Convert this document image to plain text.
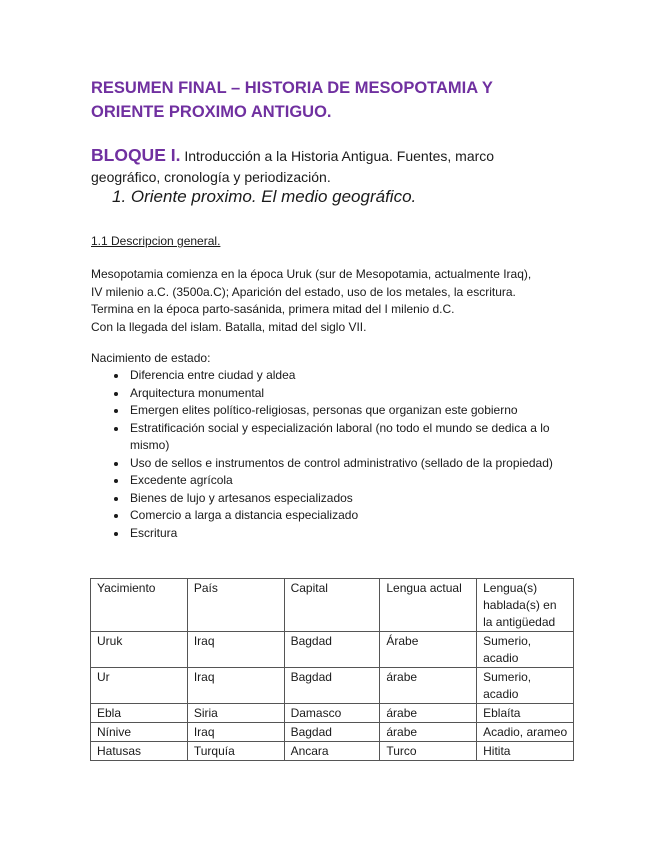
RESUMEN FINAL – HISTORIA DE MESOPOTAMIA Y
ORIENTE PROXIMO ANTIGUO.
BLOQUE I. Introducción a la Historia Antigua. Fuentes, marco
geográfico, cronología y periodización.
1. Oriente proximo. El medio geográfico.
1.1 Descripcion general.
Mesopotamia comienza en la época Uruk (sur de Mesopotamia, actualmente Iraq),
IV milenio a.C. (3500a.C); Aparición del estado, uso de los metales, la escritura.
Termina en la época parto-sasánida, primera mitad del I milenio d.C.
Con la llegada del islam. Batalla, mitad del siglo VII.
Nacimiento de estado:
Diferencia entre ciudad y aldea
Arquitectura monumental
Emergen elites político-religiosas, personas que organizan este gobierno
Estratificación social y especialización laboral (no todo el mundo se dedica a lo mismo)
Uso de sellos e instrumentos de control administrativo (sellado de la propiedad)
Excedente agrícola
Bienes de lujo y artesanos especializados
Comercio a larga a distancia especializado
Escritura
Yacimiento	País	Capital	Lengua actual	Lengua(s) hablada(s) en la antigüedad
Uruk	Iraq	Bagdad	Árabe	Sumerio, acadio
Ur	Iraq	Bagdad	árabe	Sumerio, acadio
Ebla	Siria	Damasco	árabe	Eblaíta
Nínive	Iraq	Bagdad	árabe	Acadio, arameo
Hatusas	Turquía	Ancara	Turco	Hitita
